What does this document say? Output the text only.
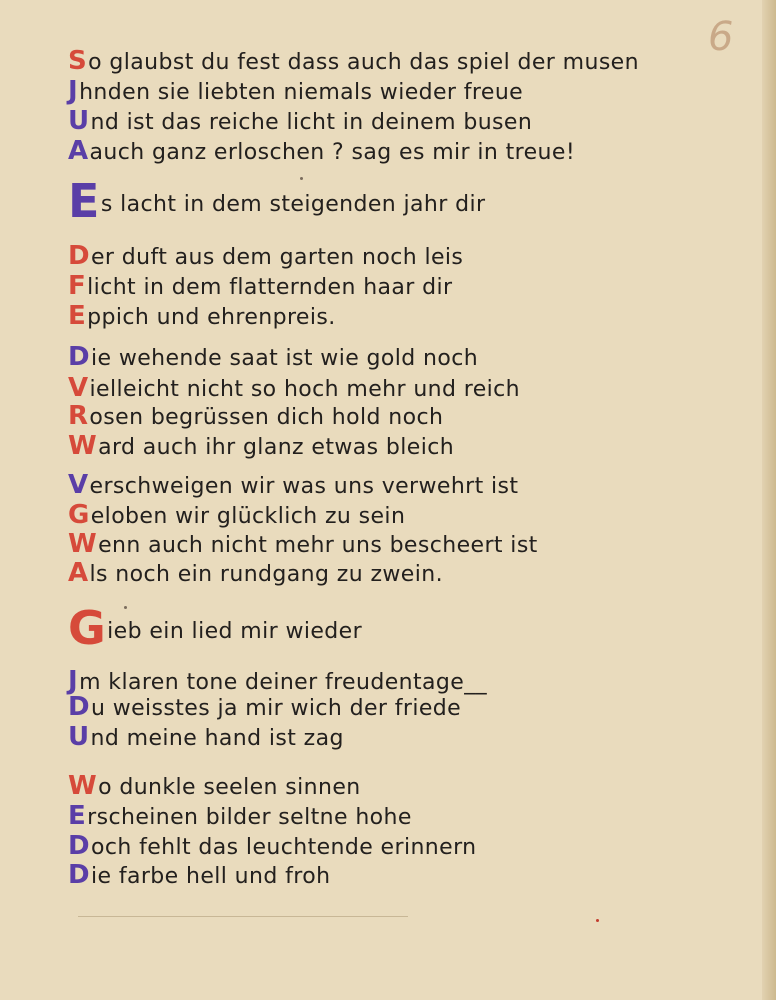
6
So glaubst du fest dass auch das spiel der musen
Jhnden sie liebten niemals wieder freue
Und ist das reiche licht in deinem busen
Aauch ganz erloschen ? sag es mir in treue!
Es lacht in dem steigenden jahr dir
Der duft aus dem garten noch leis
Flicht in dem flatternden haar dir
Eppich und ehrenpreis.
Die wehende saat ist wie gold noch
Vielleicht nicht so hoch mehr und reich
Rosen begrüssen dich hold noch
Ward auch ihr glanz etwas bleich
Verschweigen wir was uns verwehrt ist
Geloben wir glücklich zu sein
Wenn auch nicht mehr uns bescheert ist
Als noch ein rundgang zu zwein.
Gieb ein lied mir wieder
Jm klaren tone deiner freudentage__
Du weisstes ja mir wich der friede
Und meine hand ist zag
Wo dunkle seelen sinnen
Erscheinen bilder seltne hohe
Doch fehlt das leuchtende erinnern
Die farbe hell und froh
